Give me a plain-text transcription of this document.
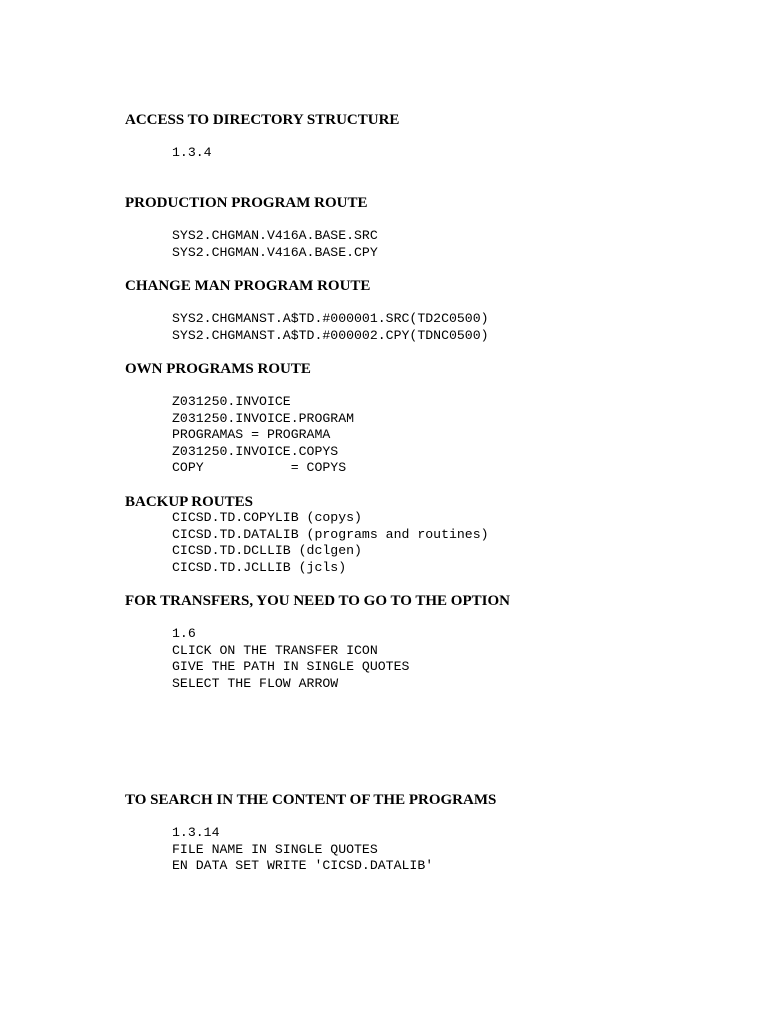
ACCESS TO DIRECTORY STRUCTURE
1.3.4
PRODUCTION PROGRAM ROUTE
SYS2.CHGMAN.V416A.BASE.SRC
SYS2.CHGMAN.V416A.BASE.CPY
CHANGE MAN PROGRAM ROUTE
SYS2.CHGMANST.A$TD.#000001.SRC(TD2C0500)
SYS2.CHGMANST.A$TD.#000002.CPY(TDNC0500)
OWN PROGRAMS ROUTE
Z031250.INVOICE
Z031250.INVOICE.PROGRAM
PROGRAMAS = PROGRAMA
Z031250.INVOICE.COPYS
COPY           = COPYS
BACKUP ROUTES
CICSD.TD.COPYLIB (copys)
CICSD.TD.DATALIB (programs and routines)
CICSD.TD.DCLLIB (dclgen)
CICSD.TD.JCLLIB (jcls)
FOR TRANSFERS, YOU NEED TO GO TO THE OPTION
1.6
CLICK ON THE TRANSFER ICON
GIVE THE PATH IN SINGLE QUOTES
SELECT THE FLOW ARROW
TO SEARCH IN THE CONTENT OF THE PROGRAMS
1.3.14
FILE NAME IN SINGLE QUOTES
EN DATA SET WRITE 'CICSD.DATALIB'
